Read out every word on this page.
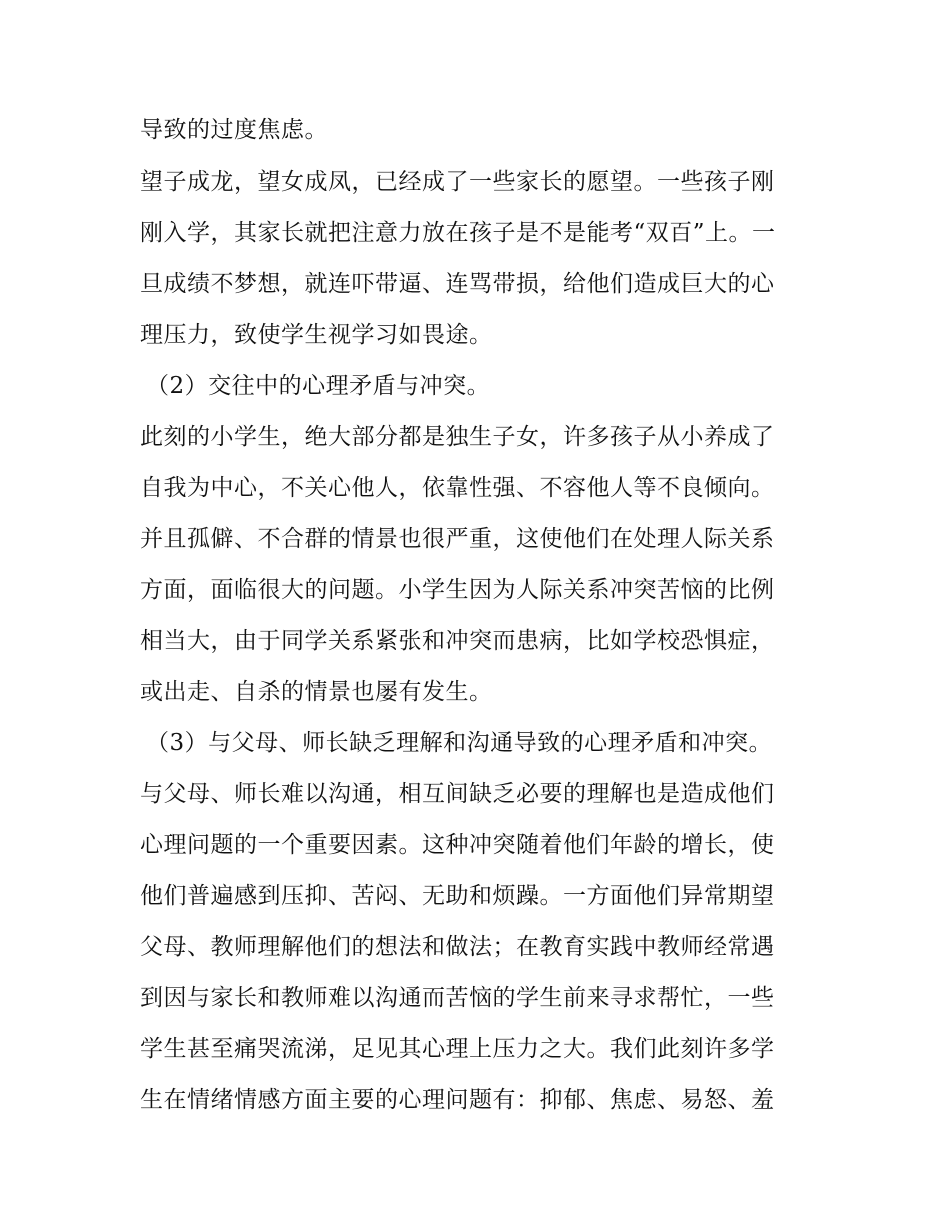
导致的过度焦虑。
望子成龙，望女成凤，已经成了一些家长的愿望。一些孩子刚
刚入学，其家长就把注意力放在孩子是不是能考“双百”上。一
旦成绩不梦想，就连吓带逼、连骂带损，给他们造成巨大的心
理压力，致使学生视学习如畏途。
（2）交往中的心理矛盾与冲突。
此刻的小学生，绝大部分都是独生子女，许多孩子从小养成了
自我为中心，不关心他人，依靠性强、不容他人等不良倾向。
并且孤僻、不合群的情景也很严重，这使他们在处理人际关系
方面，面临很大的问题。小学生因为人际关系冲突苦恼的比例
相当大，由于同学关系紧张和冲突而患病，比如学校恐惧症，
或出走、自杀的情景也屡有发生。
（3）与父母、师长缺乏理解和沟通导致的心理矛盾和冲突。
与父母、师长难以沟通，相互间缺乏必要的理解也是造成他们
心理问题的一个重要因素。这种冲突随着他们年龄的增长，使
他们普遍感到压抑、苦闷、无助和烦躁。一方面他们异常期望
父母、教师理解他们的想法和做法；在教育实践中教师经常遇
到因与家长和教师难以沟通而苦恼的学生前来寻求帮忙，一些
学生甚至痛哭流涕，足见其心理上压力之大。我们此刻许多学
生在情绪情感方面主要的心理问题有：抑郁、焦虑、易怒、羞
